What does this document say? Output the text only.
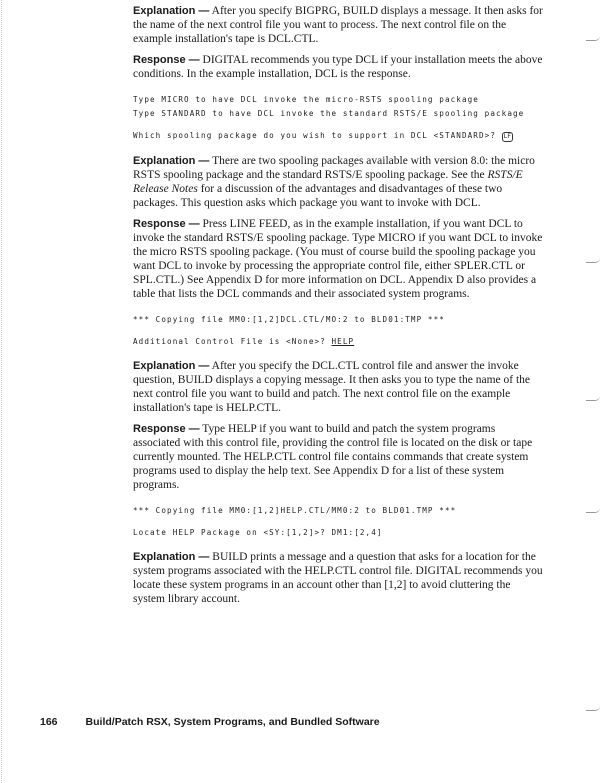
Explanation — After you specify BIGPRG, BUILD displays a message. It then asks for the name of the next control file you want to process. The next control file on the example installation's tape is DCL.CTL.
Response — DIGITAL recommends you type DCL if your installation meets the above conditions. In the example installation, DCL is the response.
Type MICRO to have DCL invoke the micro-RSTS spooling package
Type STANDARD to have DCL invoke the standard RSTS/E spooling package
Which spooling package do you wish to support in DCL <STANDARD>? LF
Explanation — There are two spooling packages available with version 8.0: the micro RSTS spooling package and the standard RSTS/E spooling package. See the RSTS/E Release Notes for a discussion of the advantages and disadvantages of these two packages. This question asks which package you want to invoke with DCL.
Response — Press LINE FEED, as in the example installation, if you want DCL to invoke the standard RSTS/E spooling package. Type MICRO if you want DCL to invoke the micro RSTS spooling package. (You must of course build the spooling package you want DCL to invoke by processing the appropriate control file, either SPLER.CTL or SPL.CTL.) See Appendix D for more information on DCL. Appendix D also provides a table that lists the DCL commands and their associated system programs.
*** Copying file MM0:[1,2]DCL.CTL/MO:2 to BLD01:TMP ***
Additional Control File is <None>? HELP
Explanation — After you specify the DCL.CTL control file and answer the invoke question, BUILD displays a copying message. It then asks you to type the name of the next control file you want to build and patch. The next control file on the example installation's tape is HELP.CTL.
Response — Type HELP if you want to build and patch the system programs associated with this control file, providing the control file is located on the disk or tape currently mounted. The HELP.CTL control file contains commands that create system programs used to display the help text. See Appendix D for a list of these system programs.
*** Copying file MM0:[1,2]HELP.CTL/MM0:2 to BLD01.TMP ***
Locate HELP Package on <SY:[1,2]>? DM1:[2,4]
Explanation — BUILD prints a message and a question that asks for a location for the system programs associated with the HELP.CTL control file. DIGITAL recommends you locate these system programs in an account other than [1,2] to avoid cluttering the system library account.
166	Build/Patch RSX, System Programs, and Bundled Software
